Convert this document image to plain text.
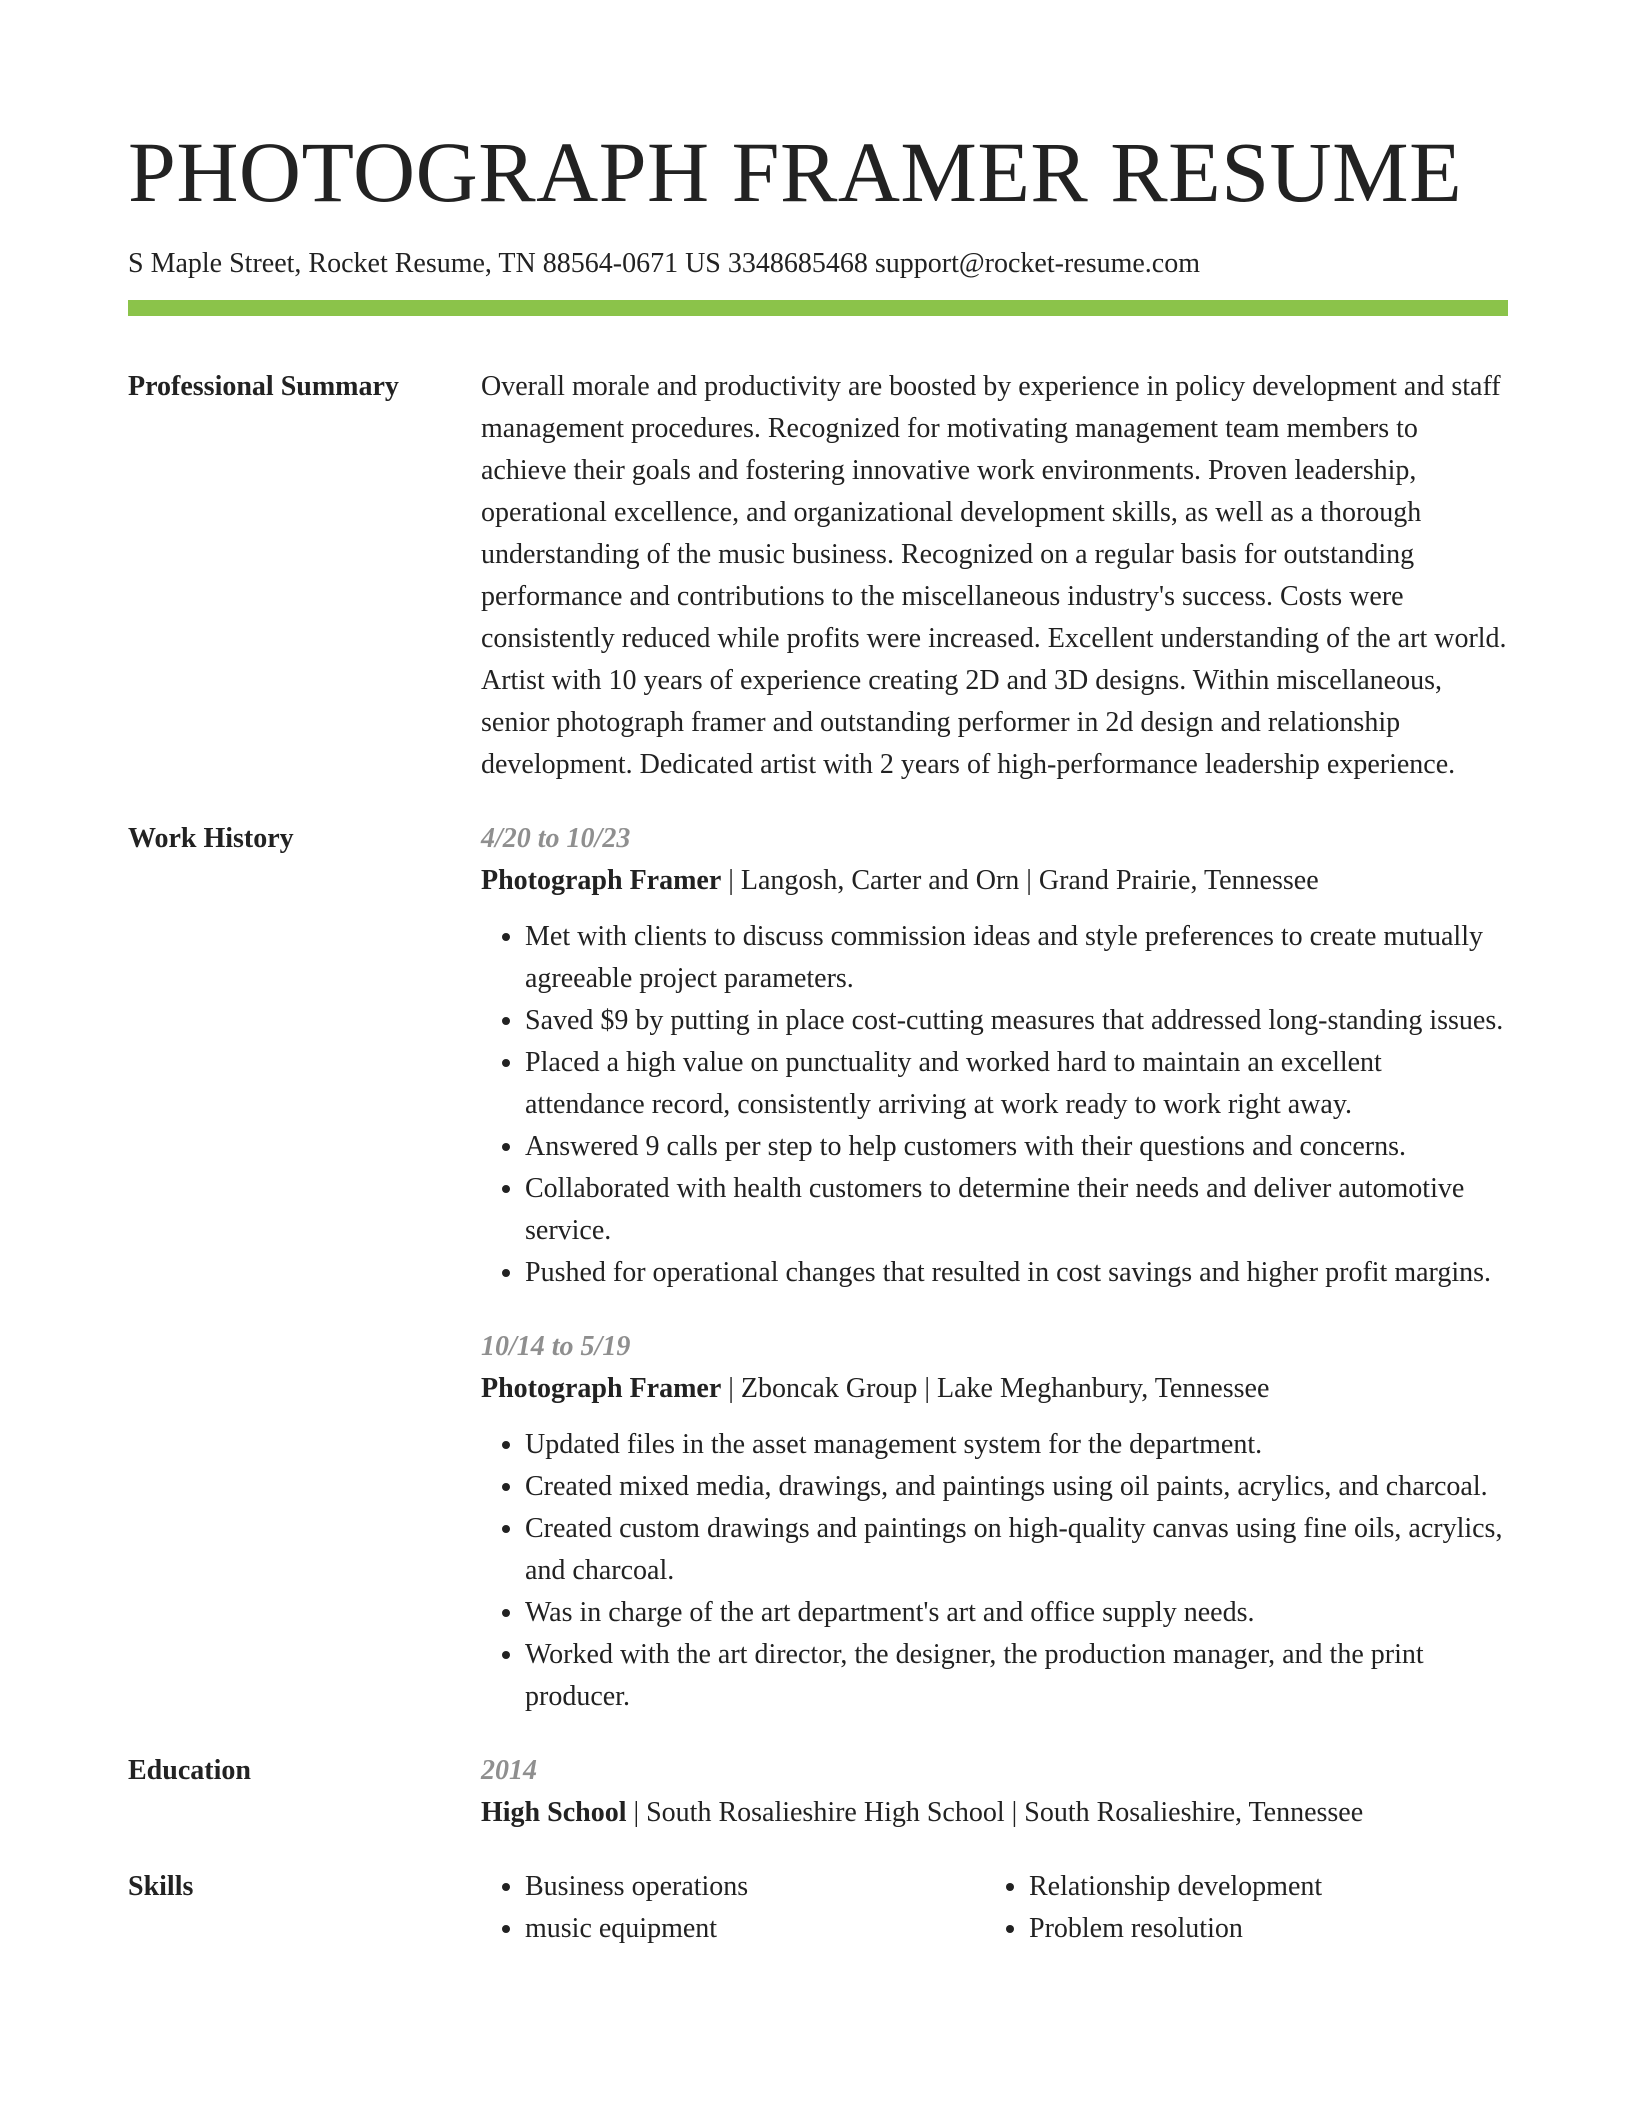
PHOTOGRAPH FRAMER RESUME
S Maple Street, Rocket Resume, TN 88564-0671 US 3348685468 support@rocket-resume.com
Professional Summary	Overall morale and productivity are boosted by experience in policy development and staff management procedures. Recognized for motivating management team members to achieve their goals and fostering innovative work environments. Proven leadership, operational excellence, and organizational development skills, as well as a thorough understanding of the music business. Recognized on a regular basis for outstanding performance and contributions to the miscellaneous industry's success. Costs were consistently reduced while profits were increased. Excellent understanding of the art world. Artist with 10 years of experience creating 2D and 3D designs. Within miscellaneous, senior photograph framer and outstanding performer in 2d design and relationship development. Dedicated artist with 2 years of high-performance leadership experience.

Work History	4/20 to 10/23
Photograph Framer | Langosh, Carter and Orn | Grand Prairie, Tennessee
• Met with clients to discuss commission ideas and style preferences to create mutually agreeable project parameters.
• Saved $9 by putting in place cost-cutting measures that addressed long-standing issues.
• Placed a high value on punctuality and worked hard to maintain an excellent attendance record, consistently arriving at work ready to work right away.
• Answered 9 calls per step to help customers with their questions and concerns.
• Collaborated with health customers to determine their needs and deliver automotive service.
• Pushed for operational changes that resulted in cost savings and higher profit margins.
10/14 to 5/19
Photograph Framer | Zboncak Group | Lake Meghanbury, Tennessee
• Updated files in the asset management system for the department.
• Created mixed media, drawings, and paintings using oil paints, acrylics, and charcoal.
• Created custom drawings and paintings on high-quality canvas using fine oils, acrylics, and charcoal.
• Was in charge of the art department's art and office supply needs.
• Worked with the art director, the designer, the production manager, and the print producer.
Education	2014
High School | South Rosalieshire High School | South Rosalieshire, Tennessee
Skills
•	Business operations
• music equipment
• Relationship development
• Problem resolution
